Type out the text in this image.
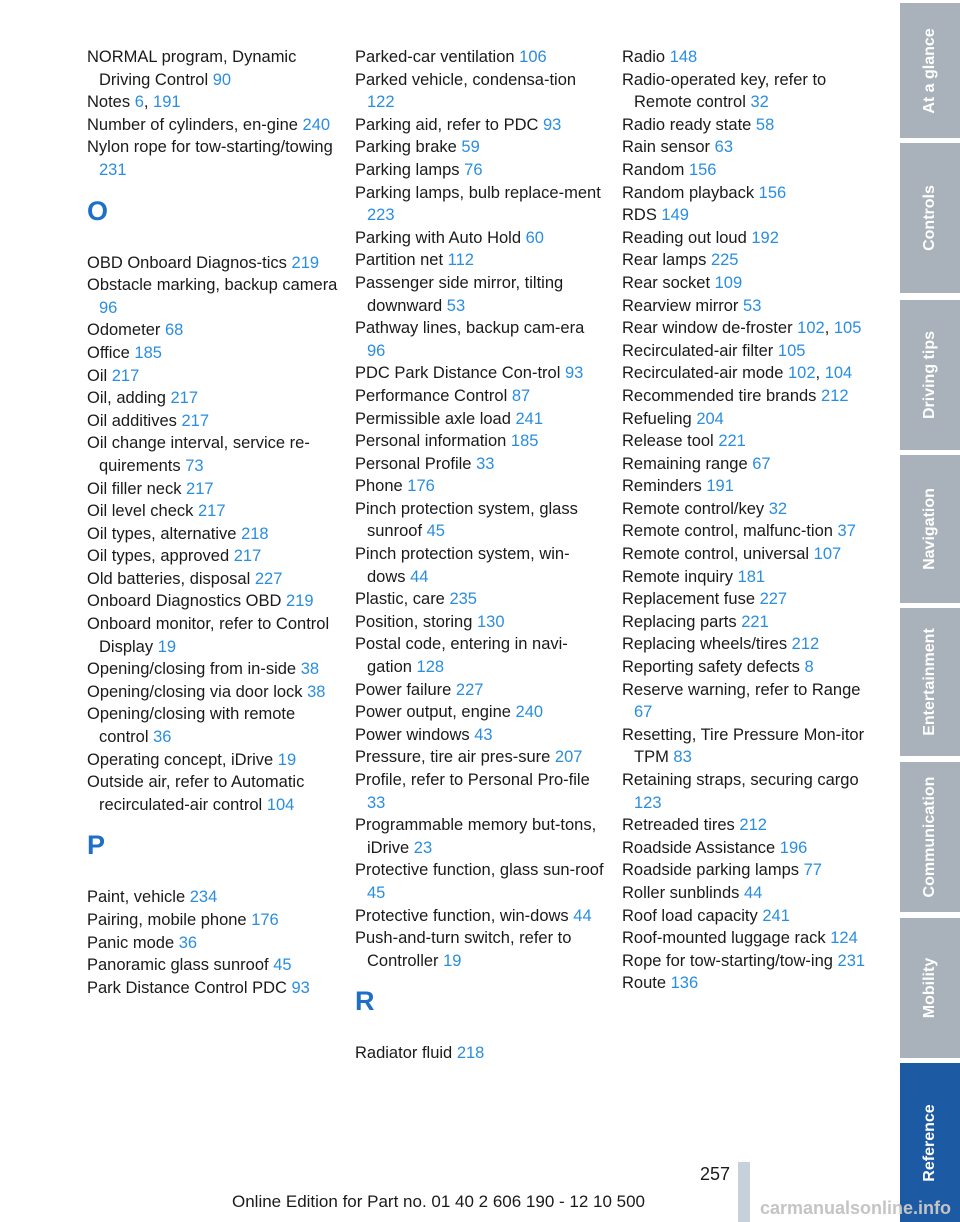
NORMAL program, Dynamic Driving Control 90

Notes 6, 191

Number of cylinders, en-gine 240

Nylon rope for tow-starting/towing 231

O

OBD Onboard Diagnos-tics 219

Obstacle marking, backup camera 96

Odometer 68

Office 185

Oil 217

Oil, adding 217

Oil additives 217

Oil change interval, service re-quirements 73

Oil filler neck 217

Oil level check 217

Oil types, alternative 218

Oil types, approved 217

Old batteries, disposal 227

Onboard Diagnostics OBD 219

Onboard monitor, refer to Control Display 19

Opening/closing from in-side 38

Opening/closing via door lock 38

Opening/closing with remote control 36

Operating concept, iDrive 19

Outside air, refer to Automatic recirculated-air control 104

P

Paint, vehicle 234

Pairing, mobile phone 176

Panic mode 36

Panoramic glass sunroof 45

Park Distance Control PDC 93

Parked-car ventilation 106

Parked vehicle, condensa-tion 122

Parking aid, refer to PDC 93

Parking brake 59

Parking lamps 76

Parking lamps, bulb replace-ment 223

Parking with Auto Hold 60

Partition net 112

Passenger side mirror, tilting downward 53

Pathway lines, backup cam-era 96

PDC Park Distance Con-trol 93

Performance Control 87

Permissible axle load 241

Personal information 185

Personal Profile 33

Phone 176

Pinch protection system, glass sunroof 45

Pinch protection system, win-dows 44

Plastic, care 235

Position, storing 130

Postal code, entering in navi-gation 128

Power failure 227

Power output, engine 240

Power windows 43

Pressure, tire air pres-sure 207

Profile, refer to Personal Pro-file 33

Programmable memory but-tons, iDrive 23

Protective function, glass sun-roof 45

Protective function, win-dows 44

Push-and-turn switch, refer to Controller 19

R

Radiator fluid 218

Radio 148

Radio-operated key, refer to Remote control 32

Radio ready state 58

Rain sensor 63

Random 156

Random playback 156

RDS 149

Reading out loud 192

Rear lamps 225

Rear socket 109

Rearview mirror 53

Rear window de-froster 102, 105

Recirculated-air filter 105

Recirculated-air mode 102, 104

Recommended tire brands 212

Refueling 204

Release tool 221

Remaining range 67

Reminders 191

Remote control/key 32

Remote control, malfunc-tion 37

Remote control, universal 107

Remote inquiry 181

Replacement fuse 227

Replacing parts 221

Replacing wheels/tires 212

Reporting safety defects 8

Reserve warning, refer to Range 67

Resetting, Tire Pressure Mon-itor TPM 83

Retaining straps, securing cargo 123

Retreaded tires 212

Roadside Assistance 196

Roadside parking lamps 77

Roller sunblinds 44

Roof load capacity 241

Roof-mounted luggage rack 124

Rope for tow-starting/tow-ing 231

Route 136

At a glance
Controls
Driving tips
Navigation
Entertainment
Communication
Mobility
Reference
257
Online Edition for Part no. 01 40 2 606 190 - 12 10 500	carmanualsonline.info
